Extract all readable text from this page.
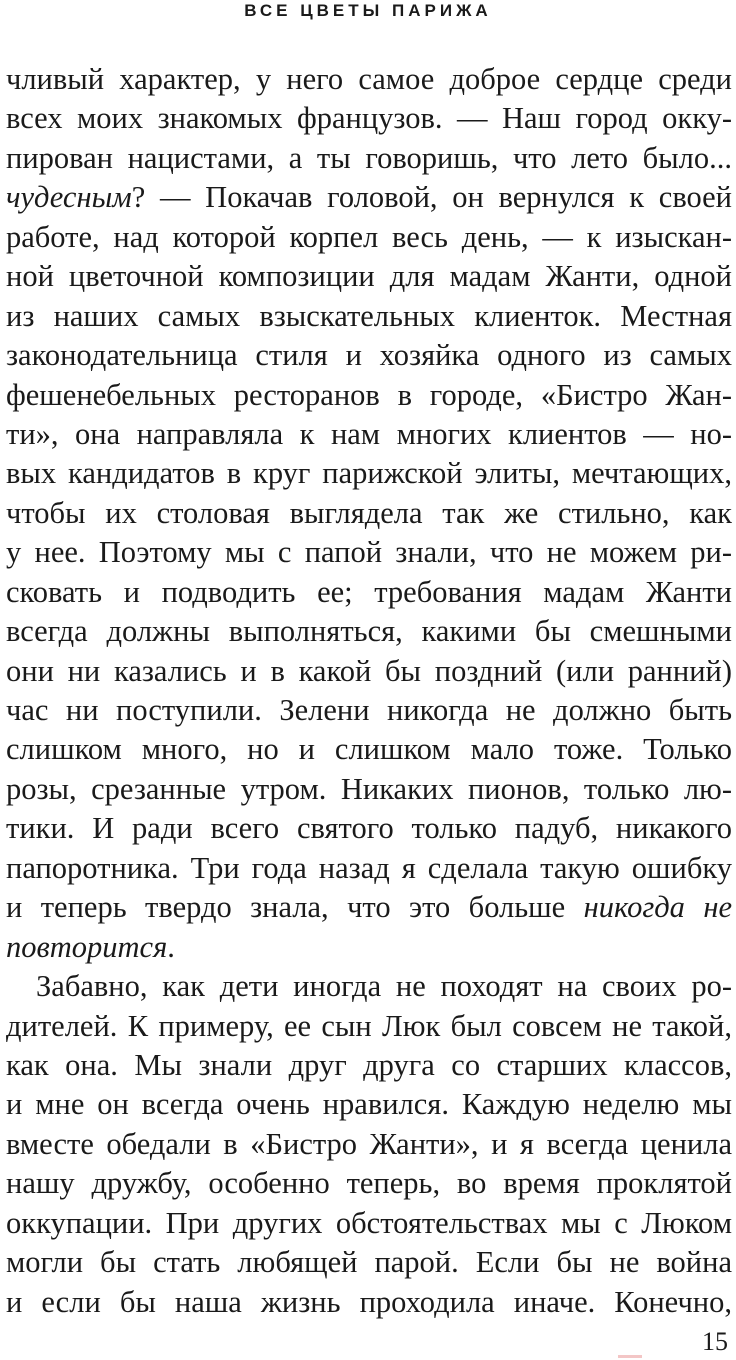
ВСЕ ЦВЕТЫ ПАРИЖА
чливый характер, у него самое доброе сердце среди
всех моих знакомых французов. — Наш город окку-
пирован нацистами, а ты говоришь, что лето было...
чудесным? — Покачав головой, он вернулся к своей
работе, над которой корпел весь день, — к изыскан-
ной цветочной композиции для мадам Жанти, одной
из наших самых взыскательных клиенток. Местная
законодательница стиля и хозяйка одного из самых
фешенебельных ресторанов в городе, «Бистро Жан-
ти», она направляла к нам многих клиентов — но-
вых кандидатов в круг парижской элиты, мечтающих,
чтобы их столовая выглядела так же стильно, как
у нее. Поэтому мы с папой знали, что не можем ри-
сковать и подводить ее; требования мадам Жанти
всегда должны выполняться, какими бы смешными
они ни казались и в какой бы поздний (или ранний)
час ни поступили. Зелени никогда не должно быть
слишком много, но и слишком мало тоже. Только
розы, срезанные утром. Никаких пионов, только лю-
тики. И ради всего святого только падуб, никакого
папоротника. Три года назад я сделала такую ошибку
и теперь твердо знала, что это больше никогда не
повторится.
Забавно, как дети иногда не походят на своих ро-
дителей. К примеру, ее сын Люк был совсем не такой,
как она. Мы знали друг друга со старших классов,
и мне он всегда очень нравился. Каждую неделю мы
вместе обедали в «Бистро Жанти», и я всегда ценила
нашу дружбу, особенно теперь, во время проклятой
оккупации. При других обстоятельствах мы с Люком
могли бы стать любящей парой. Если бы не война
и если бы наша жизнь проходила иначе. Конечно,
15
